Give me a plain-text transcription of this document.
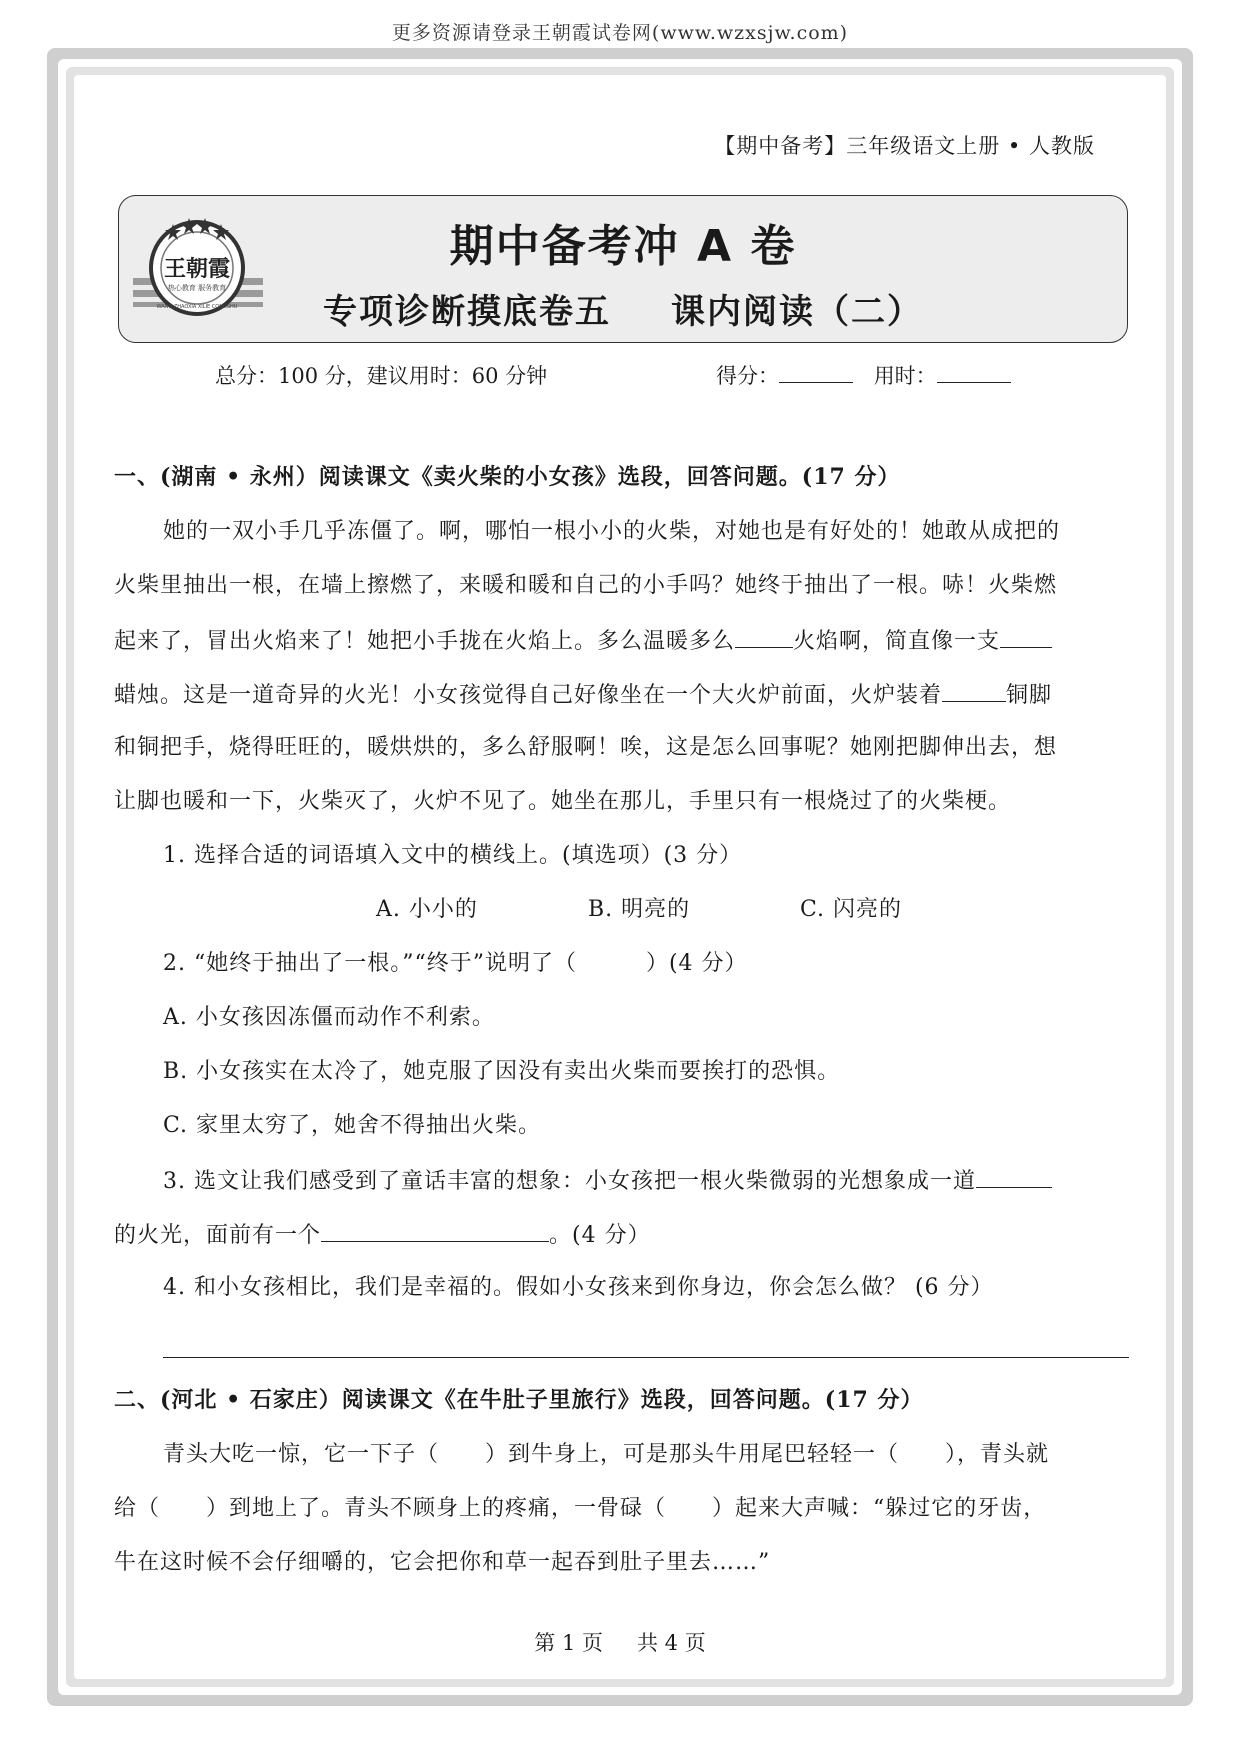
更多资源请登录王朝霞试卷网(www.wzxsjw.com)
【期中备考】三年级语文上册 • 人教版
王朝霞
热心教育 服务教育
WANG ZHAOXIA XILIE CONGSHU
期中备考冲 A 卷
专项诊断摸底卷五 课内阅读（二）
总分：100 分，建议用时：60 分钟	得分：	用时：
一、(湖南 • 永州）阅读课文《卖火柴的小女孩》选段，回答问题。(17 分）
她的一双小手几乎冻僵了。啊，哪怕一根小小的火柴，对她也是有好处的！她敢从成把的
火柴里抽出一根，在墙上擦燃了，来暖和暖和自己的小手吗？她终于抽出了一根。哧！火柴燃
起来了，冒出火焰来了！她把小手拢在火焰上。多么温暖多么	火焰啊，简直像一支
蜡烛。这是一道奇异的火光！小女孩觉得自己好像坐在一个大火炉前面，火炉装着	铜脚
和铜把手，烧得旺旺的，暖烘烘的，多么舒服啊！唉，这是怎么回事呢？她刚把脚伸出去，想
让脚也暖和一下，火柴灭了，火炉不见了。她坐在那儿，手里只有一根烧过了的火柴梗。
1. 选择合适的词语填入文中的横线上。(填选项）(3 分）
A. 小小的	B. 明亮的	C. 闪亮的
2. “她终于抽出了一根。”“终于”说明了（　　　）(4 分）
A. 小女孩因冻僵而动作不利索。
B. 小女孩实在太冷了，她克服了因没有卖出火柴而要挨打的恐惧。
C. 家里太穷了，她舍不得抽出火柴。
3. 选文让我们感受到了童话丰富的想象：小女孩把一根火柴微弱的光想象成一道
的火光，面前有一个	。(4 分）
4. 和小女孩相比，我们是幸福的。假如小女孩来到你身边，你会怎么做？ (6 分）
二、(河北 • 石家庄）阅读课文《在牛肚子里旅行》选段，回答问题。(17 分）
青头大吃一惊，它一下子（　　）到牛身上，可是那头牛用尾巴轻轻一（　　），青头就
给（　　）到地上了。青头不顾身上的疼痛，一骨碌（　　）起来大声喊：“躲过它的牙齿，
牛在这时候不会仔细嚼的，它会把你和草一起吞到肚子里去……”
第 1 页 共 4 页
